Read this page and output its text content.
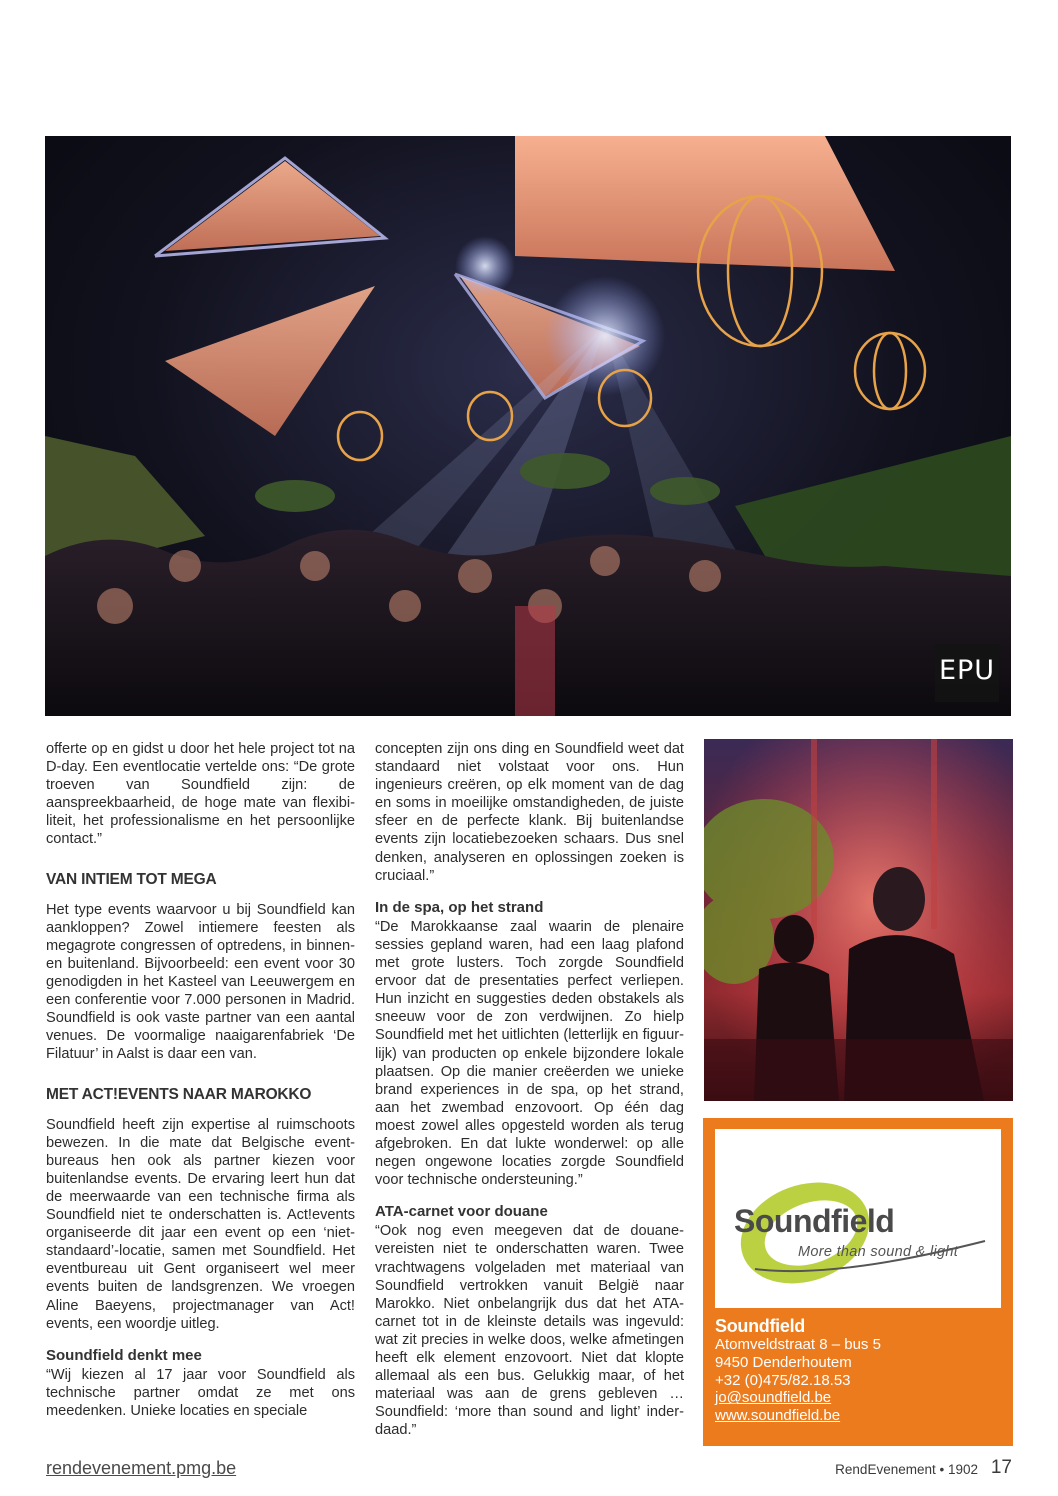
EPU

offerte op en gidst u door het hele project tot na D-day. Een eventlocatie vertelde ons: “De grote troeven van Soundfield zijn: de aanspreekbaarheid, de hoge mate van flexibiliteit, het professionalisme en het persoonlijke contact.”

VAN INTIEM TOT MEGA

Het type events waarvoor u bij Soundfield kan aankloppen? Zowel intiemere feesten als megagrote congressen of optredens, in binnen- en buitenland. Bijvoorbeeld: een event voor 30 genodigden in het Kasteel van Leeuwergem en een conferentie voor 7.000 personen in Madrid. Soundfield is ook vaste partner van een aantal venues. De voormalige naaigarenfabriek ‘De Filatuur’ in Aalst is daar een van.

MET ACT!EVENTS NAAR MAROKKO

Soundfield heeft zijn expertise al ruimschoots bewezen. In die mate dat Belgische eventbureaus hen ook als partner kiezen voor buitenlandse events. De ervaring leert hun dat de meerwaarde van een technische firma als Soundfield niet te onderschatten is. Act!events organiseerde dit jaar een event op een ‘niet-standaard’-locatie, samen met Soundfield. Het eventbureau uit Gent organiseert wel meer events buiten de landsgrenzen. We vroegen Aline Baeyens, projectmanager van Act! events, een woordje uitleg.

Soundfield denkt mee

“Wij kiezen al 17 jaar voor Soundfield als technische partner omdat ze met ons meedenken. Unieke locaties en speciale

concepten zijn ons ding en Soundfield weet dat standaard niet volstaat voor ons. Hun ingenieurs creëren, op elk moment van de dag en soms in moeilijke omstandigheden, de juiste sfeer en de perfecte klank. Bij buitenlandse events zijn locatiebezoeken schaars. Dus snel denken, analyseren en oplossingen zoeken is cruciaal.”

In de spa, op het strand

“De Marokkaanse zaal waarin de plenaire sessies gepland waren, had een laag plafond met grote lusters. Toch zorgde Soundfield ervoor dat de presentaties perfect verliepen. Hun inzicht en suggesties deden obstakels als sneeuw voor de zon verdwijnen. Zo hielp Soundfield met het uitlichten (letterlijk en figuurlijk) van producten op enkele bijzondere lokale plaatsen. Op die manier creëerden we unieke brand experiences in de spa, op het strand, aan het zwembad enzovoort. Op één dag moest zowel alles opgesteld worden als terug afgebroken. En dat lukte wonderwel: op alle negen ongewone locaties zorgde Soundfield voor technische ondersteuning.”

ATA-carnet voor douane

“Ook nog even meegeven dat de douanevereisten niet te onderschatten waren. Twee vrachtwagens volgeladen met materiaal van Soundfield vertrokken vanuit België naar Marokko. Niet onbelangrijk dus dat het ATA-carnet tot in de kleinste details was ingevuld: wat zit precies in welke doos, welke afmetingen heeft elk element enzovoort. Niet dat klopte allemaal als een bus. Gelukkig maar, of het materiaal was aan de grens gebleven … Soundfield: ‘more than sound and light’ inderdaad.”

Soundfield
More than sound & light
Soundfield
Atomveldstraat 8 – bus 5
9450 Denderhoutem
+32 (0)475/82.18.53
jo@soundfield.be
www.soundfield.be
rendevenement.pmg.be	RendEvenement • 1902 17
